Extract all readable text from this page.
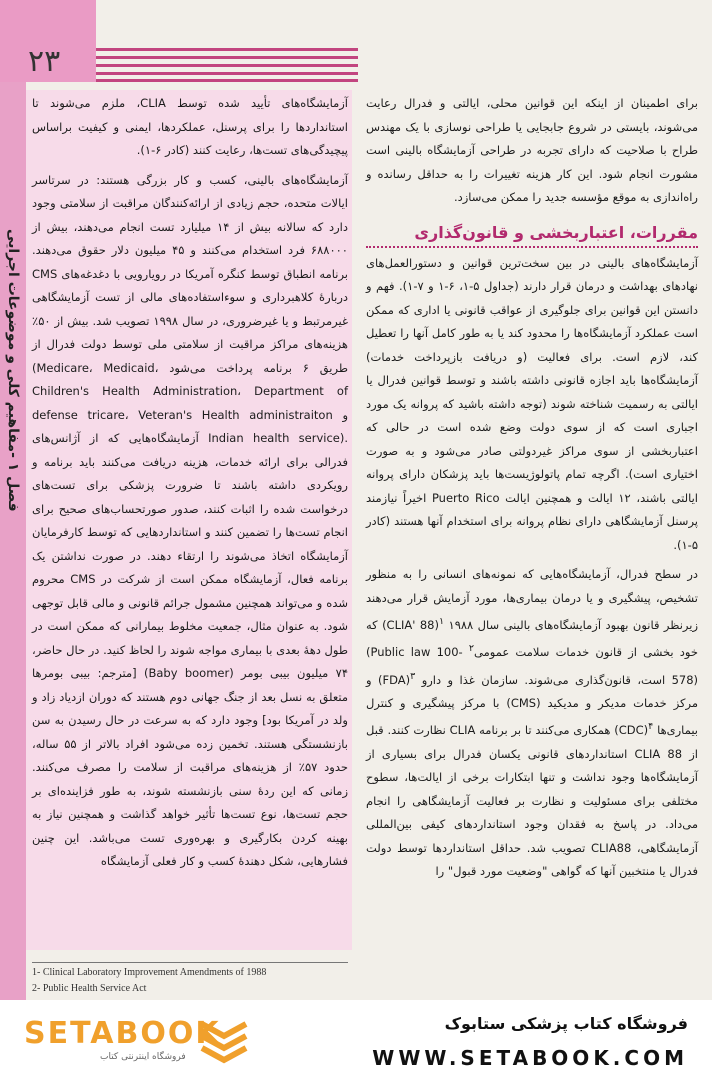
۲۳
فصل ۱ -مفاهیم کلی و موضوعات اجرایی

برای اطمینان از اینکه این قوانین محلی، ایالتی و فدرال رعایت می‌شوند، بایستی در شروع جابجایی یا طراحی نوسازی با یک مهندس طراح با صلاحیت که دارای تجربه در طراحی آزمایشگاه بالینی است مشورت انجام شود. این کار هزینه تغییرات را به حداقل رسانده و راه‌اندازی به موقع مؤسسه جدید را ممکن می‌سازد.

مقررات، اعتباربخشی و قانون‌گذاری

آزمایشگاه‌های بالینی در بین سخت‌ترین قوانین و دستورالعمل‌های نهادهای بهداشت و درمان قرار دارند (جداول ۵-۱، ۶-۱ و ۷-۱). فهم و دانستن این قوانین برای جلوگیری از عواقب قانونی یا اداری که ممکن است عملکرد آزمایشگاه‌ها را محدود کند یا به طور کامل آنها را تعطیل کند، لازم است. برای فعالیت (و دریافت بازپرداخت خدمات) آزمایشگاه‌ها باید اجازه قانونی داشته باشند و توسط قوانین فدرال یا ایالتی به رسمیت شناخته شوند (توجه داشته باشید که پروانه یک مورد اجباری است که از سوی دولت وضع شده است در حالی که اعتباربخشی از سوی مراکز غیردولتی صادر می‌شود و به صورت اختیاری است). اگرچه تمام پاتولوژیست‌ها باید پزشکان دارای پروانه ایالتی باشند، ۱۲ ایالت و همچنین ایالت Puerto Rico اخیراً نیازمند پرسنل آزمایشگاهی دارای نظام پروانه برای استخدام آنها هستند (کادر ۵-۱).

در سطح فدرال، آزمایشگاه‌هایی که نمونه‌های انسانی را به منظور تشخیص، پیشگیری و یا درمان بیماری‌ها، مورد آزمایش قرار می‌دهند زیرنظر قانون بهبود آزمایشگاه‌های بالینی سال ۱۹۸۸ (CLIA' 88)$^۱$ که خود بخشی از قانون خدمات سلامت عمومی$^۲$ (Public law 100-578) است، قانون‌گذاری می‌شوند. سازمان غذا و دارو (FDA)$^۳$ و مرکز خدمات مدیکر و مدیکید (CMS) با مرکز پیشگیری و کنترل بیماری‌ها (CDC)$^۴$ همکاری می‌کنند تا بر برنامه CLIA نظارت کنند. قبل از CLIA 88 استانداردهای قانونی یکسان فدرال برای بسیاری از آزمایشگاه‌ها وجود نداشت و تنها ابتکارات برخی از ایالت‌ها، سطوح مختلفی برای مسئولیت و نظارت بر فعالیت آزمایشگاهی را انجام می‌داد. در پاسخ به فقدان وجود استانداردهای کیفی بین‌المللی آزمایشگاهی، CLIA88 تصویب شد. حداقل استانداردها توسط دولت فدرال یا منتخبین آنها که گواهی "وضعیت مورد قبول" را

آزمایشگاه‌های تأیید شده توسط CLIA، ملزم می‌شوند تا استانداردها را برای پرسنل، عملکردها، ایمنی و کیفیت براساس پیچیدگی‌های تست‌ها، رعایت کنند (کادر ۶-۱).

آزمایشگاه‌های بالینی، کسب و کار بزرگی هستند: در سرتاسر ایالات متحده، حجم زیادی از ارائه‌کنندگان مراقبت از سلامتی وجود دارد که سالانه بیش از ۱۴ میلیارد تست انجام می‌دهند، بیش از ۶۸۸۰۰۰ فرد استخدام می‌کنند و ۴۵ میلیون دلار حقوق می‌دهند. برنامه انطباق توسط کنگره آمریکا در رویارویی با دغدغه‌های CMS دربارهٔ کلاهبرداری و سوءاستفاده‌های مالی از تست آزمایشگاهی غیرمرتبط و یا غیرضروری، در سال ۱۹۹۸ تصویب شد. بیش از ۵۰٪ هزینه‌های مراکز مراقبت از سلامتی ملی توسط دولت فدرال از طریق ۶ برنامه پرداخت می‌شود (Medicare، Medicaid، Children's Health Administration، Department of defense tricare، Veteran's Health administraiton و Indian health service). آزمایشگاه‌هایی که از آژانس‌های فدرالی برای ارائه خدمات، هزینه دریافت می‌کنند باید برنامه و رویکردی داشته باشند تا ضرورت پزشکی برای تست‌های درخواست شده را اثبات کنند، صدور صورتحساب‌های صحیح برای انجام تست‌ها را تضمین کنند و استانداردهایی که توسط کارفرمایان آزمایشگاه اتخاذ می‌شوند را ارتقاء دهند. در صورت نداشتن یک برنامه فعال، آزمایشگاه ممکن است از شرکت در CMS محروم شده و می‌تواند همچنین مشمول جرائم قانونی و مالی قابل توجهی شود. به عنوان مثال، جمعیت مخلوط بیمارانی که ممکن است در طول دههٔ بعدی با بیماری مواجه شوند را لحاظ کنید. در حال حاضر، ۷۴ میلیون بیبی بومر (Baby boomer) [مترجم: بیبی بومرها متعلق به نسل بعد از جنگ جهانی دوم هستند که دوران ازدیاد زاد و ولد در آمریکا بود] وجود دارد که به سرعت در حال رسیدن به سن بازنشستگی هستند. تخمین زده می‌شود افراد بالاتر از ۵۵ ساله، حدود ۵۷٪ از هزینه‌های مراقبت از سلامت را مصرف می‌کنند. زمانی که این ردهٔ سنی بازنشسته شوند، به طور فزاینده‌ای بر حجم تست‌ها، نوع تست‌ها تأثیر خواهد گذاشت و همچنین نیاز به بهینه کردن بکارگیری و بهره‌وری تست می‌باشد. این چنین فشارهایی، شکل دهندهٔ کسب و کار فعلی آزمایشگاه

1- Clinical Laboratory Improvement Amendments of 1988
2- Public Health Service Act
SETABOOK
فروشگاه اینترنتی کتاب
فروشگاه کتاب پزشکی ستابوک
WWW.SETABOOK.COM
